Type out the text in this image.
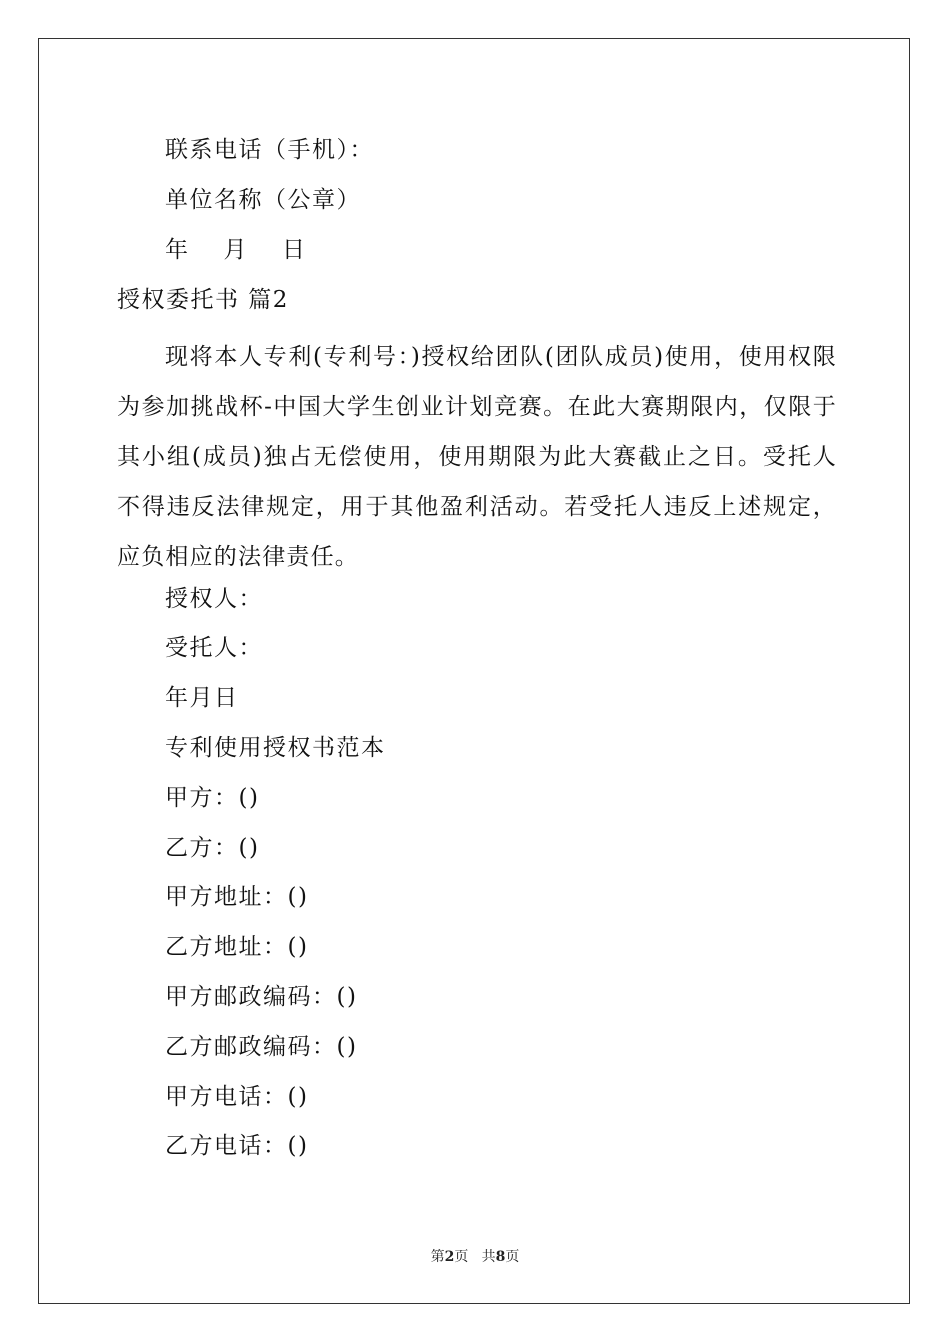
联系电话（手机）：
单位名称（公章）
年 月 日
授权委托书 篇2
现将本人专利(专利号：)授权给团队(团队成员)使用，使用权限为参加挑战杯-中国大学生创业计划竞赛。在此大赛期限内，仅限于其小组(成员)独占无偿使用，使用期限为此大赛截止之日。受托人不得违反法律规定，用于其他盈利活动。若受托人违反上述规定，应负相应的法律责任。
授权人：
受托人：
年月日
专利使用授权书范本
甲方：()
乙方：()
甲方地址：()
乙方地址：()
甲方邮政编码：()
乙方邮政编码：()
甲方电话：()
乙方电话：()
第2页 共8页
